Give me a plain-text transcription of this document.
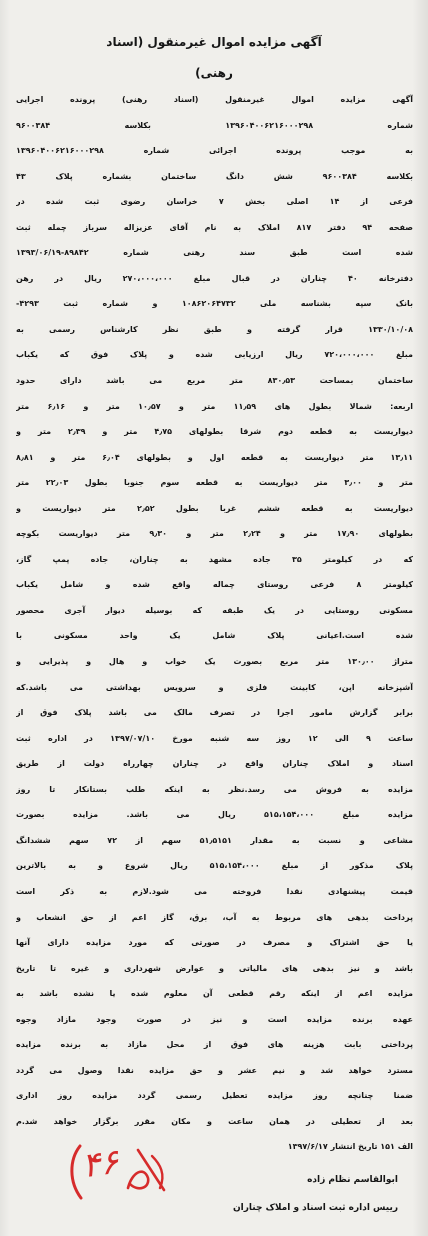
آگهی مزایده اموال غیرمنقول (اسناد
رهنی)
آگهی مزایده اموال غیرمنقول (اسناد رهنی) پرونده اجرایی
شماره ۱۳۹۶۰۴۰۰۶۲۱۶۰۰۰۲۹۸ بکلاسه ۹۶۰۰۳۸۴
به موجب پرونده اجرائی شماره ۱۳۹۶۰۴۰۰۶۲۱۶۰۰۰۲۹۸
بکلاسه ۹۶۰۰۳۸۴ شش دانگ ساختمان بشماره پلاک ۴۳
فرعی از ۱۴ اصلی بخش ۷ خراسان رضوی ثبت شده در
صفحه ۹۴ دفتر ۸۱۷ املاک به نام آقای عزیزاله سرباز چمله ثبت
شده است طبق سند رهنی شماره ۸۹۸۴۲-۱۳۹۳/۰۶/۱۹
دفترخانه ۴۰ چناران در قبال مبلغ ۲۷۰،۰۰۰،۰۰۰ ریال در رهن
بانک سپه بشناسه ملی ۱۰۸۶۲۰۶۴۷۳۲ و شماره ثبت ۴۲۹۳-
۱۳۳۰/۱۰/۰۸ قرار گرفته و طبق نظر کارشناس رسمی به
مبلغ ۷۲۰،۰۰۰،۰۰۰ ریال ارزیابی شده و پلاک فوق که یکباب
ساختمان بمساحت ۸۳۰٫۵۳ متر مربع می باشد دارای حدود
اربعه: شمالا بطول های ۱۱٫۵۹ متر و ۱۰٫۵۷ متر و ۶٫۱۶ متر
دیواریست به قطعه دوم شرقا بطولهای ۴٫۷۵ متر و ۲٫۳۹ متر و
۱۳٫۱۱ متر دیواریست به قطعه اول و بطولهای ۶٫۰۴ متر و ۸٫۸۱
متر و ۳٫۰۰ متر دیواریست به قطعه سوم جنوبا بطول ۲۲٫۰۳ متر
دیواریست به قطعه ششم غربا بطول ۲٫۵۲ متر دیواریست و
بطولهای ۱۷٫۹۰ متر و ۲٫۲۴ متر و ۹٫۳۰ متر دیواریست بکوچه
که در کیلومتر ۳۵ جاده مشهد به چناران، جاده پمپ گاز،
کیلومتر ۸ فرعی روستای چماله واقع شده و شامل یکباب
مسکونی روستایی در یک طبقه که بوسیله دیوار آجری محصور
شده است.اعیانی پلاک شامل یک واحد مسکونی با
متراژ ۱۳۰٫۰۰ متر مربع بصورت یک خواب و هال و پذیرایی و
آشپزخانه اپن، کابینت فلزی و سرویس بهداشتی می باشد.که
برابر گزارش مامور اجرا در تصرف مالک می باشد پلاک فوق از
ساعت ۹ الی ۱۲ روز سه شنبه مورخ ۱۳۹۷/۰۷/۱۰ در اداره ثبت
اسناد و املاک چناران واقع در چناران چهارراه دولت از طریق
مزایده به فروش می رسد.نظر به اینکه طلب بستانکار تا روز
مزایده مبلغ ۵۱۵،۱۵۴،۰۰۰ ریال می باشد. مزایده بصورت
مشاعی و نسبت به مقدار ۵۱٫۵۱۵۱ سهم از ۷۲ سهم ششدانگ
پلاک مذکور از مبلغ ۵۱۵،۱۵۴،۰۰۰ ریال شروع و به بالاترین
قیمت پیشنهادی نقدا فروخته می شود.لازم به ذکر است
پرداخت بدهی های مربوط به آب، برق، گاز اعم از حق انشعاب و
یا حق اشتراک و مصرف در صورتی که مورد مزایده دارای آنها
باشد و نیز بدهی های مالیاتی و عوارض شهرداری و غیره تا تاریخ
مزایده اعم از اینکه رقم قطعی آن معلوم شده یا نشده باشد به
عهده برنده مزایده است و نیز در صورت وجود مازاد وجوه
پرداختی بابت هزینه های فوق از محل مازاد به برنده مزایده
مسترد خواهد شد و نیم عشر و حق مزایده نقدا وصول می گردد
ضمنا چنانچه روز مزایده تعطیل رسمی گردد مزایده روز اداری
بعد از تعطیلی در همان ساعت و مکان مقرر برگزار خواهد شد.م
الف ۱۵۱ تاریخ انتشار ۱۳۹۷/۶/۱۷
ابوالقاسم نظام زاده
رییس اداره ثبت اسناد و املاک چناران
۴۶
